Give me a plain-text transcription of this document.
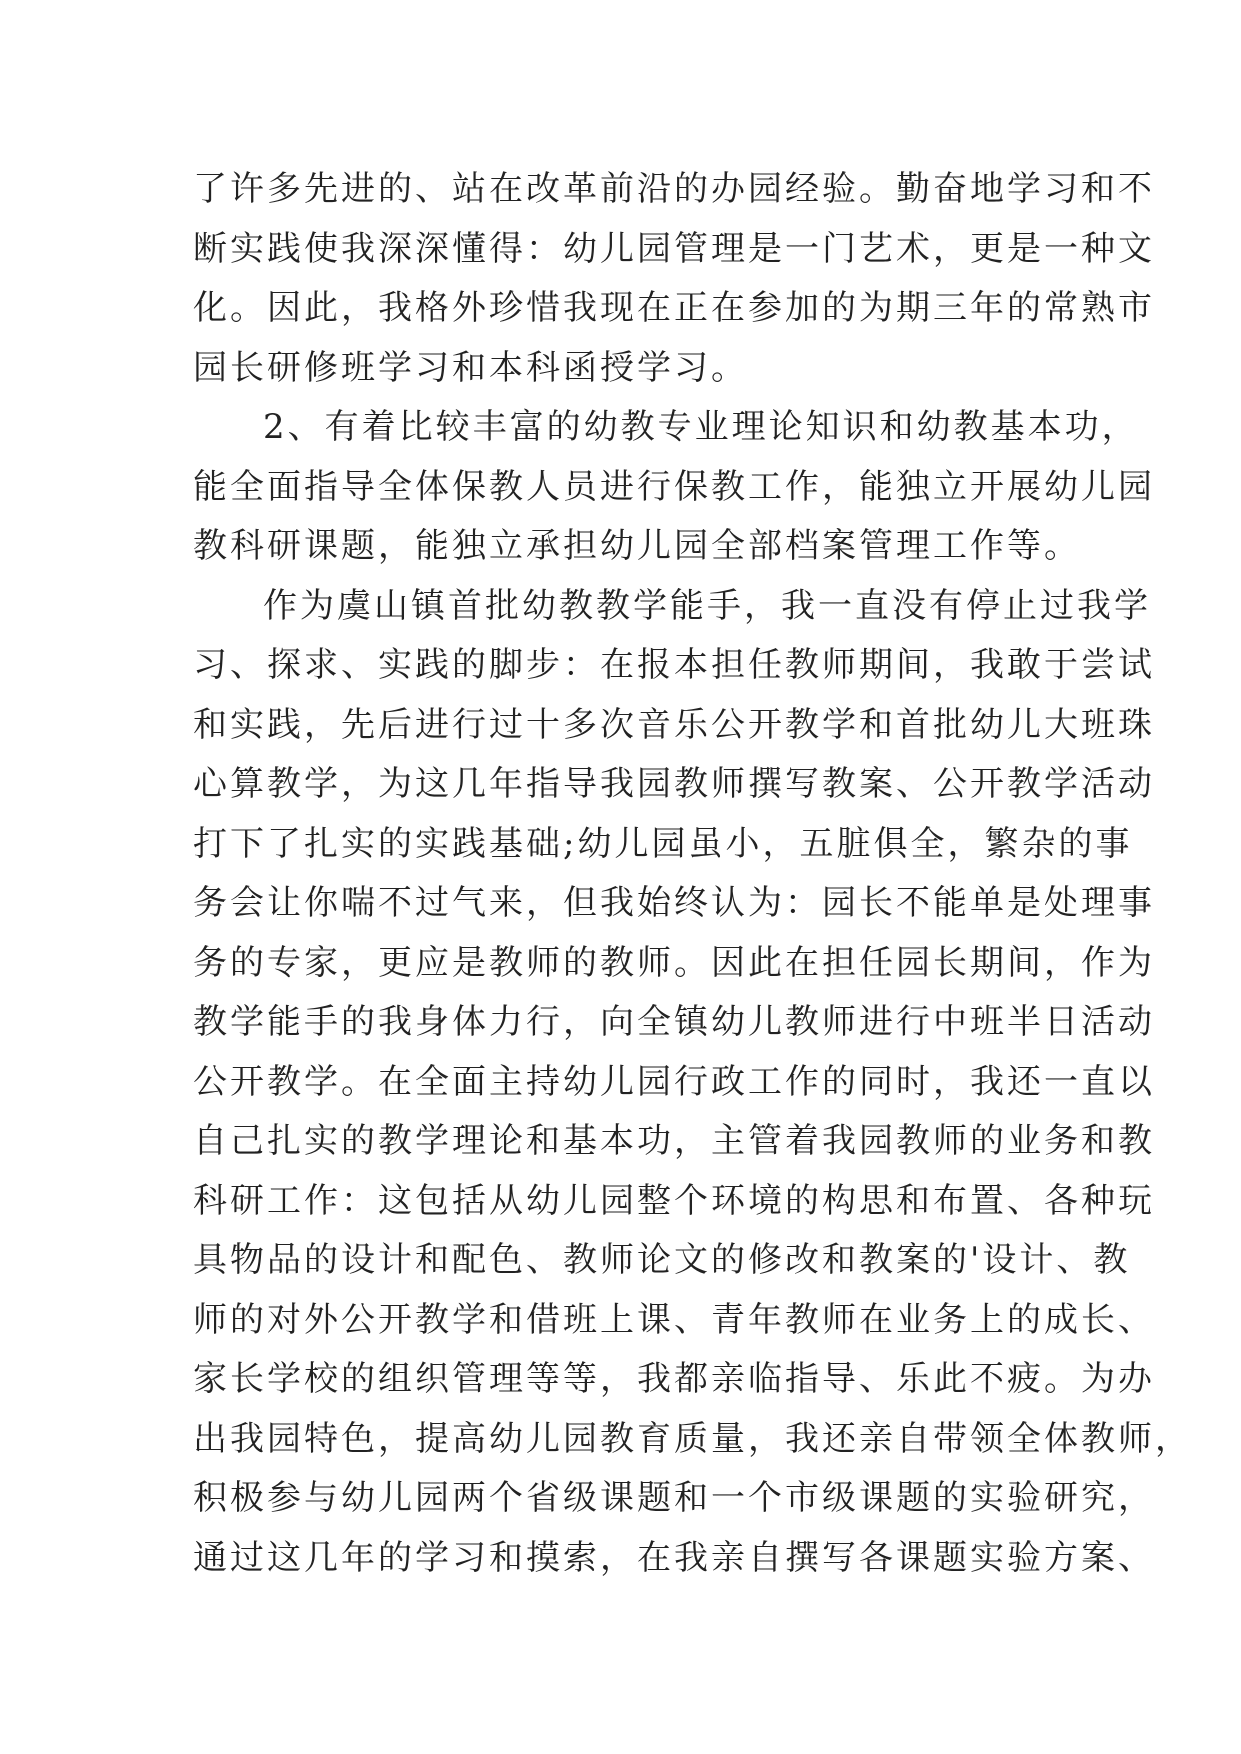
了许多先进的、站在改革前沿的办园经验。勤奋地学习和不
断实践使我深深懂得：幼儿园管理是一门艺术，更是一种文
化。因此，我格外珍惜我现在正在参加的为期三年的常熟市
园长研修班学习和本科函授学习。
2、有着比较丰富的幼教专业理论知识和幼教基本功，
能全面指导全体保教人员进行保教工作，能独立开展幼儿园
教科研课题，能独立承担幼儿园全部档案管理工作等。
作为虞山镇首批幼教教学能手，我一直没有停止过我学
习、探求、实践的脚步：在报本担任教师期间，我敢于尝试
和实践，先后进行过十多次音乐公开教学和首批幼儿大班珠
心算教学，为这几年指导我园教师撰写教案、公开教学活动
打下了扎实的实践基础;幼儿园虽小，五脏俱全，繁杂的事
务会让你喘不过气来，但我始终认为：园长不能单是处理事
务的专家，更应是教师的教师。因此在担任园长期间，作为
教学能手的我身体力行，向全镇幼儿教师进行中班半日活动
公开教学。在全面主持幼儿园行政工作的同时，我还一直以
自己扎实的教学理论和基本功，主管着我园教师的业务和教
科研工作：这包括从幼儿园整个环境的构思和布置、各种玩
具物品的设计和配色、教师论文的修改和教案的'设计、教
师的对外公开教学和借班上课、青年教师在业务上的成长、
家长学校的组织管理等等，我都亲临指导、乐此不疲。为办
出我园特色，提高幼儿园教育质量，我还亲自带领全体教师，
积极参与幼儿园两个省级课题和一个市级课题的实验研究，
通过这几年的学习和摸索，在我亲自撰写各课题实验方案、
